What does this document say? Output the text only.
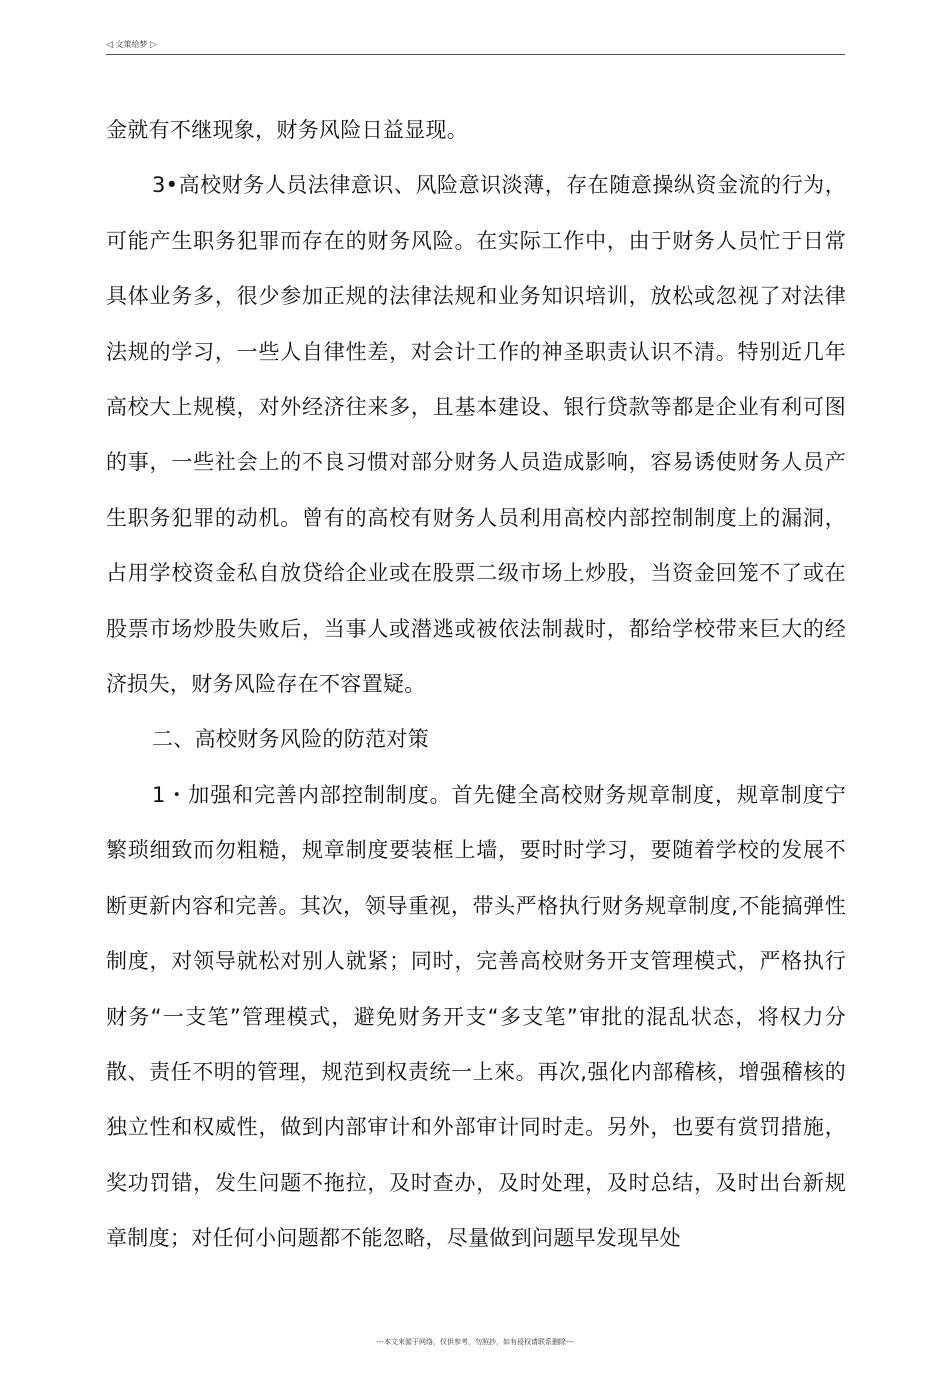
◁ 文策给梦 ▷

金就有不继现象，财务风险日益显现。

3•高校财务人员法律意识、风险意识淡薄，存在随意操纵资金流的行为，可能产生职务犯罪而存在的财务风险。在实际工作中，由于财务人员忙于日常具体业务多，很少参加正规的法律法规和业务知识培训，放松或忽视了对法律法规的学习，一些人自律性差，对会计工作的神圣职责认识不清。特别近几年高校大上规模，对外经济往来多，且基本建设、银行贷款等都是企业有利可图的事，一些社会上的不良习惯对部分财务人员造成影响，容易诱使财务人员产生职务犯罪的动机。曾有的高校有财务人员利用高校内部控制制度上的漏洞，占用学校资金私自放贷给企业或在股票二级市场上炒股，当资金回笼不了或在股票市场炒股失败后，当事人或潜逃或被依法制裁时，都给学校带来巨大的经济损失，财务风险存在不容置疑。

二、高校财务风险的防范对策

1・加强和完善内部控制制度。首先健全高校财务规章制度，规章制度宁繁琐细致而勿粗糙，规章制度要装框上墙，要时时学习，要随着学校的发展不断更新内容和完善。其次，领导重视，带头严格执行财务规章制度,不能搞弹性制度，对领导就松对别人就紧；同时，完善高校财务开支管理模式，严格执行财务“一支笔”管理模式，避免财务开支“多支笔”审批的混乱状态，将权力分散、责任不明的管理，规范到权责统一上來。再次,强化内部稽核，增强稽核的独立性和权威性，做到内部审计和外部审计同时走。另外，也要有赏罚措施，奖功罚错，发生问题不拖拉，及时查办，及时处理，及时总结，及时出台新规章制度；对任何小问题都不能忽略，尽量做到问题早发现早处

---本文来源于网络，仅供参考，勿照抄，如有侵权请联系删除---
